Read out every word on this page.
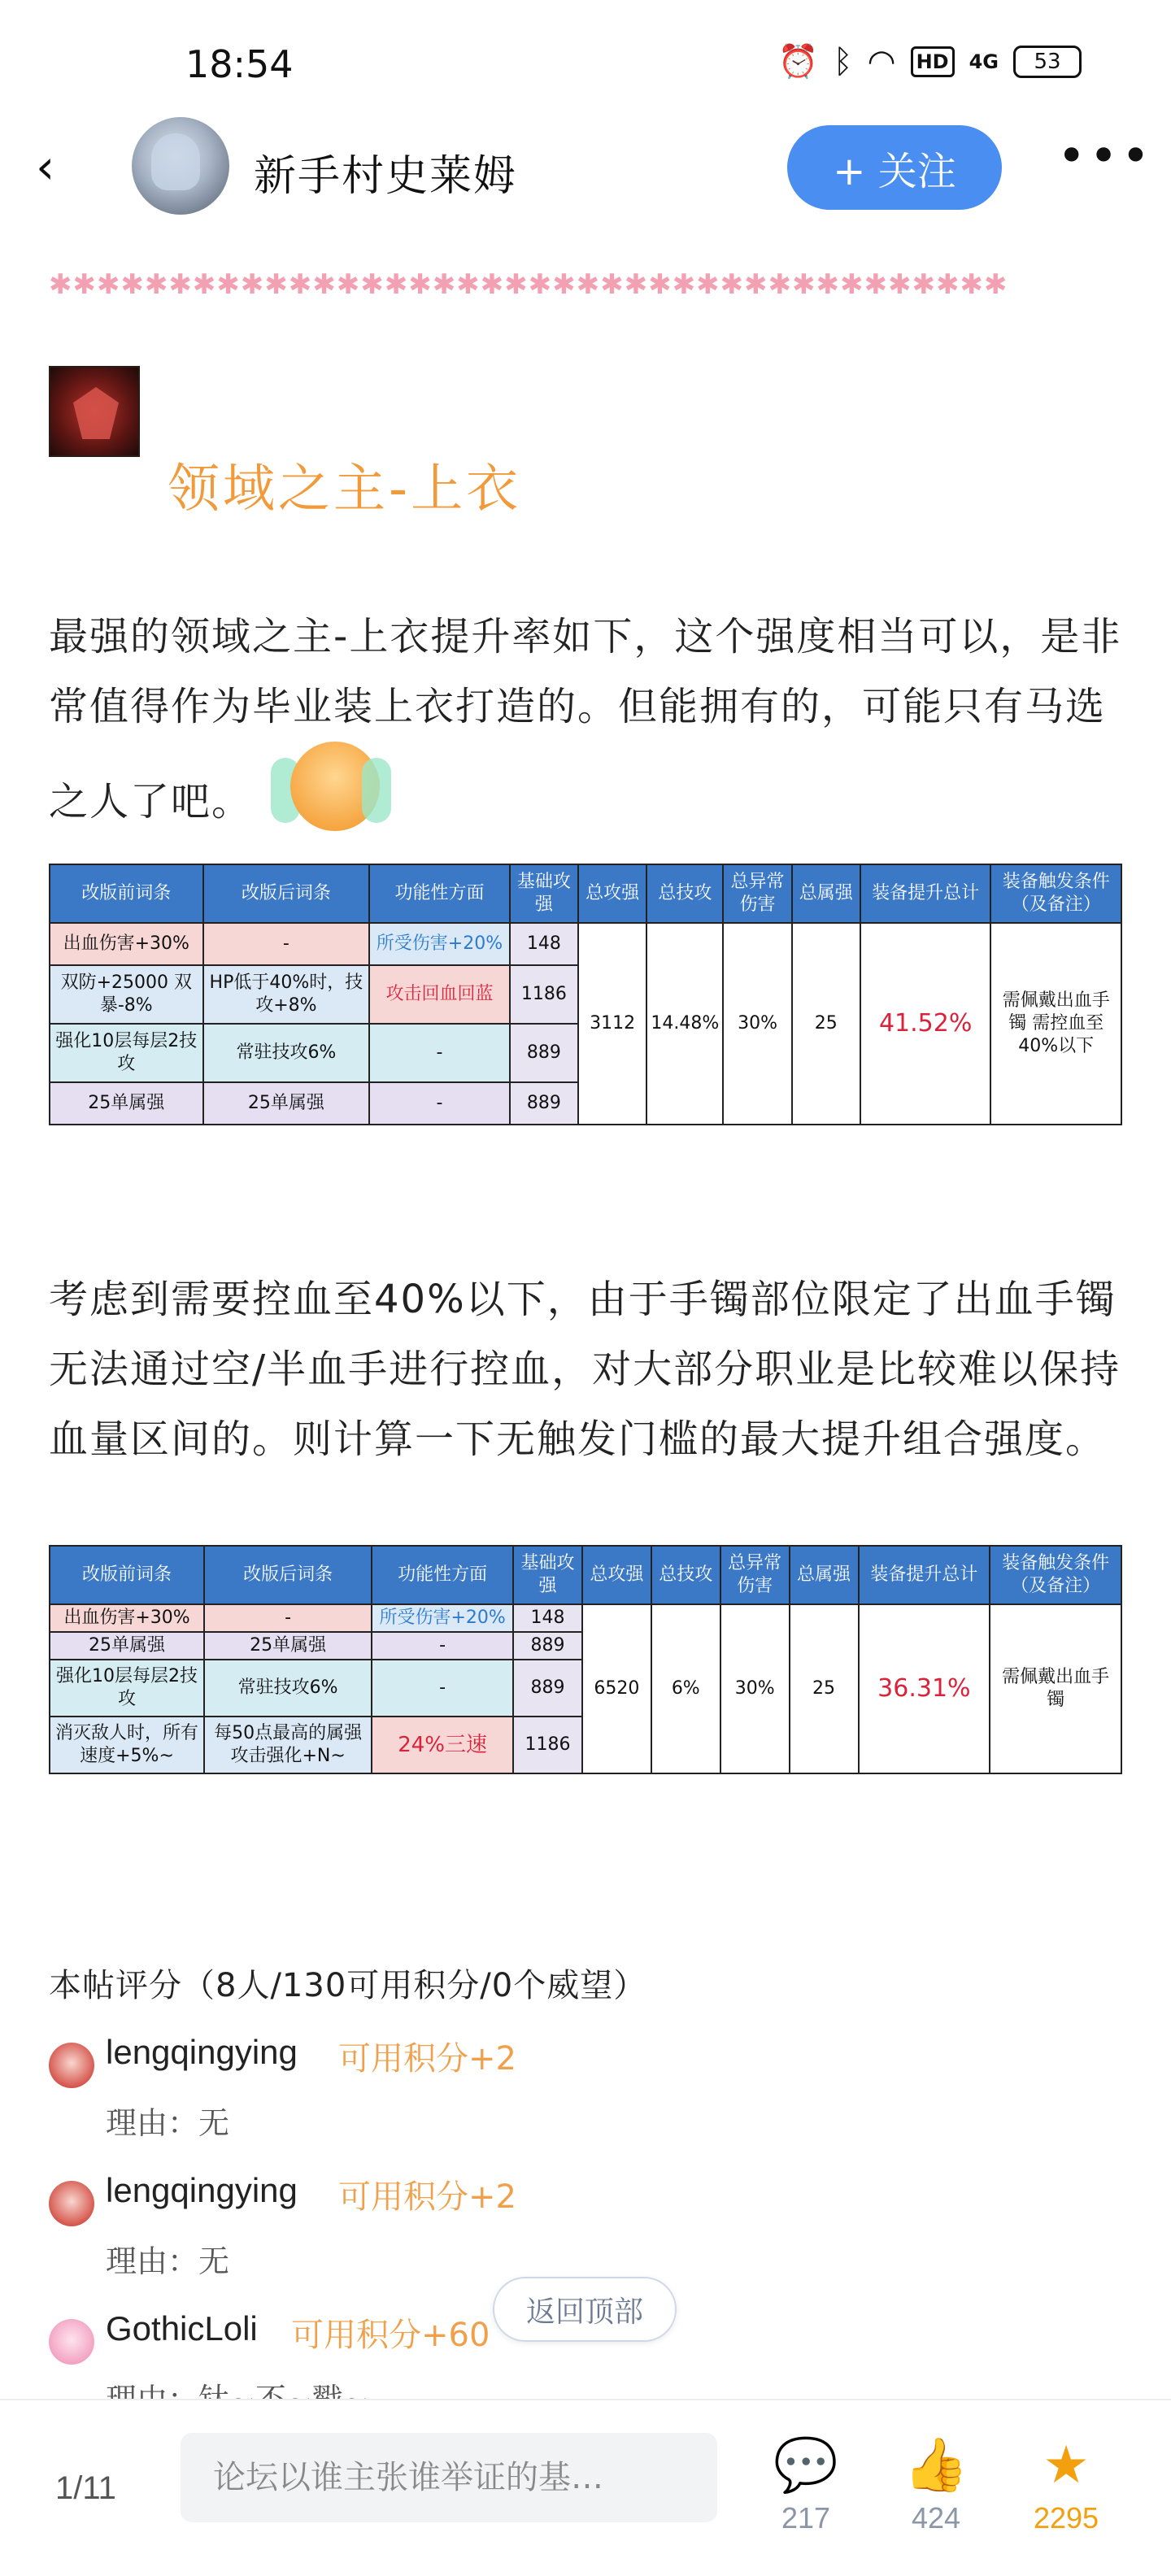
18:54	⏰ ᛒ ◠ HD 4G	53
‹	新手村史莱姆	+ 关注	•••
✱✱✱✱✱✱✱✱✱✱✱✱✱✱✱✱✱✱✱✱✱✱✱✱✱✱✱✱✱✱✱✱✱✱✱✱✱✱✱✱
领域之主-上衣
最强的领域之主-上衣提升率如下，这个强度相当可以，是非常值得作为毕业装上衣打造的。但能拥有的，可能只有马选之人了吧。
改版前词条	改版后词条	功能性方面	基础攻强	总攻强	总技攻	总异常伤害	总属强	装备提升总计	装备触发条件（及备注）
出血伤害+30%	-	所受伤害+20%	148	3112	14.48%	30%	25	41.52%	需佩戴出血手镯 需控血至40%以下
双防+25000 双暴-8%	HP低于40%时，技攻+8%	攻击回血回蓝	1186						
强化10层每层2技攻	常驻技攻6%	-	889						
25单属强	25单属强	-	889						
考虑到需要控血至40%以下，由于手镯部位限定了出血手镯无法通过空/半血手进行控血，对大部分职业是比较难以保持血量区间的。则计算一下无触发门槛的最大提升组合强度。
改版前词条	改版后词条	功能性方面	基础攻强	总攻强	总技攻	总异常伤害	总属强	装备提升总计	装备触发条件（及备注）
出血伤害+30%	-	所受伤害+20%	148	6520	6%	30%	25	36.31%	需佩戴出血手镯
25单属强	25单属强	-	889						
强化10层每层2技攻	常驻技攻6%	-	889						
消灭敌人时，所有速度+5%~	每50点最高的属强攻击强化+N~	24%三速	1186						
本帖评分（8人/130可用积分/0个威望）
lengqingying 可用积分+2
理由：无
lengqingying 可用积分+2
理由：无
GothicLoli 可用积分+60
返回顶部
1/11	论坛以谁主张谁举证的基…	💬
217
👍
424
★
2295
